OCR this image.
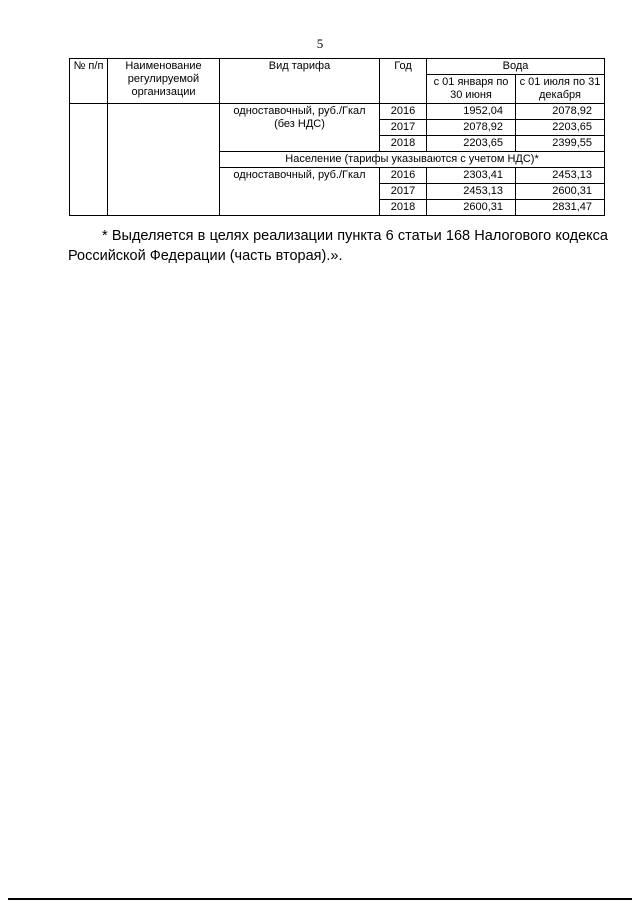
5
№ п/п	Наименование регулируемой организации	Вид тарифа	Год	Вода	
				с 01 января по 30 июня	с 01 июля по 31 декабря
		одноставочный, руб./Гкал (без НДС)	2016	1952,04	2078,92
			2017	2078,92	2203,65
			2018	2203,65	2399,55
		Население (тарифы указываются с учетом НДС)*			
		одноставочный, руб./Гкал	2016	2303,41	2453,13
			2017	2453,13	2600,31
			2018	2600,31	2831,47
* Выделяется в целях реализации пункта 6 статьи 168 Налогового кодекса Российской Федерации (часть вторая).».
